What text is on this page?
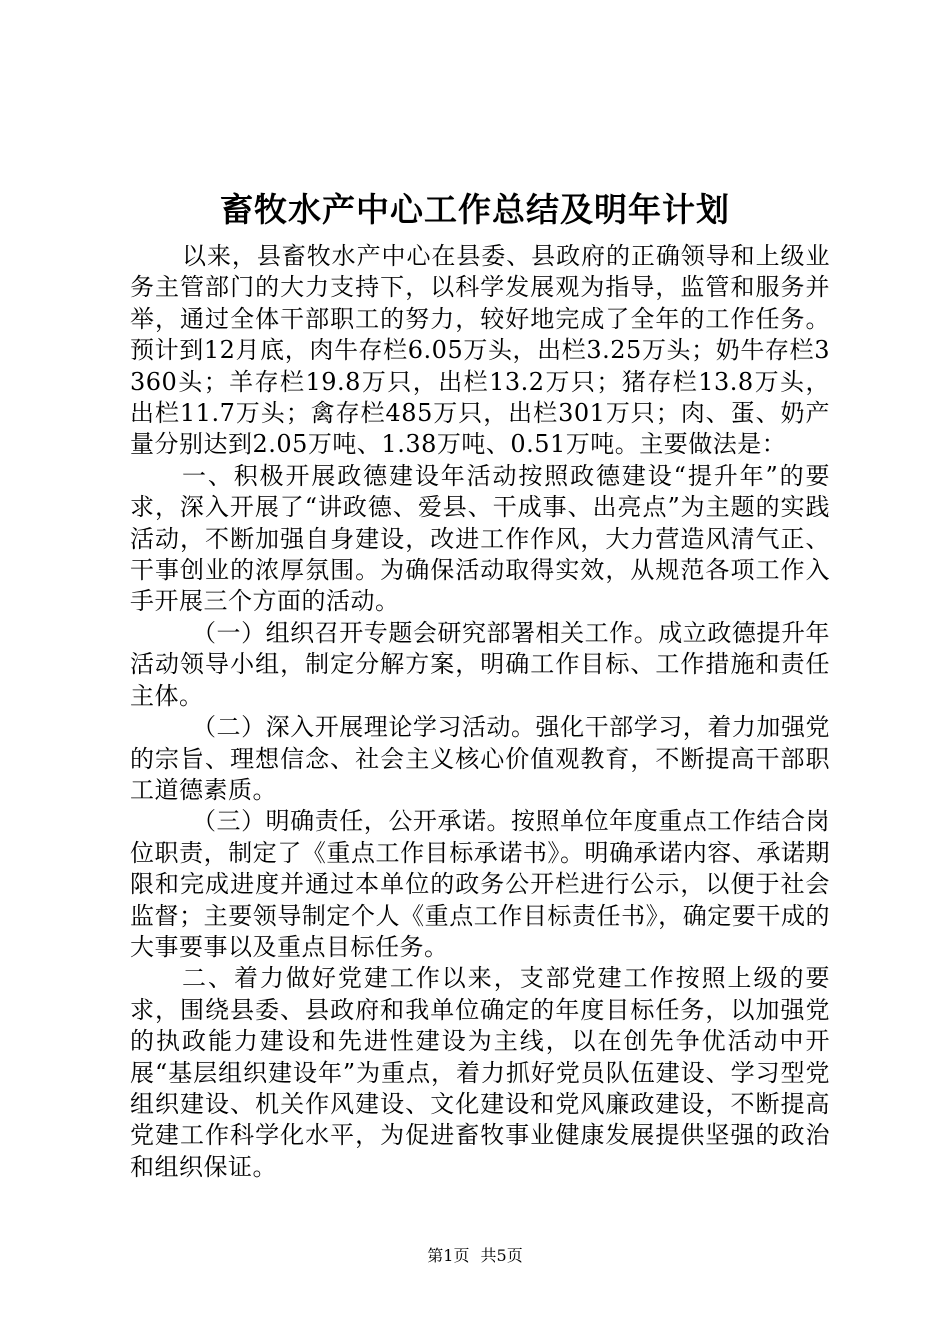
畜牧水产中心工作总结及明年计划

以来，县畜牧水产中心在县委、县政府的正确领导和上级业务主管部门的大力支持下，以科学发展观为指导，监管和服务并举，通过全体干部职工的努力，较好地完成了全年的工作任务。预计到12月底，肉牛存栏6.05万头，出栏3.25万头；奶牛存栏3360头；羊存栏19.8万只，出栏13.2万只；猪存栏13.8万头，出栏11.7万头；禽存栏485万只，出栏301万只；肉、蛋、奶产量分别达到2.05万吨、1.38万吨、0.51万吨。主要做法是：

一、积极开展政德建设年活动按照政德建设“提升年”的要求，深入开展了“讲政德、爱县、干成事、出亮点”为主题的实践活动，不断加强自身建设，改进工作作风，大力营造风清气正、干事创业的浓厚氛围。为确保活动取得实效，从规范各项工作入手开展三个方面的活动。

（一）组织召开专题会研究部署相关工作。成立政德提升年活动领导小组，制定分解方案，明确工作目标、工作措施和责任主体。

（二）深入开展理论学习活动。强化干部学习，着力加强党的宗旨、理想信念、社会主义核心价值观教育，不断提高干部职工道德素质。

（三）明确责任，公开承诺。按照单位年度重点工作结合岗位职责，制定了《重点工作目标承诺书》。明确承诺内容、承诺期限和完成进度并通过本单位的政务公开栏进行公示，以便于社会监督；主要领导制定个人《重点工作目标责任书》，确定要干成的大事要事以及重点目标任务。

二、着力做好党建工作以来，支部党建工作按照上级的要求，围绕县委、县政府和我单位确定的年度目标任务，以加强党的执政能力建设和先进性建设为主线，以在创先争优活动中开展“基层组织建设年”为重点，着力抓好党员队伍建设、学习型党组织建设、机关作风建设、文化建设和党风廉政建设，不断提高党建工作科学化水平，为促进畜牧事业健康发展提供坚强的政治和组织保证。

第1页 共5页
